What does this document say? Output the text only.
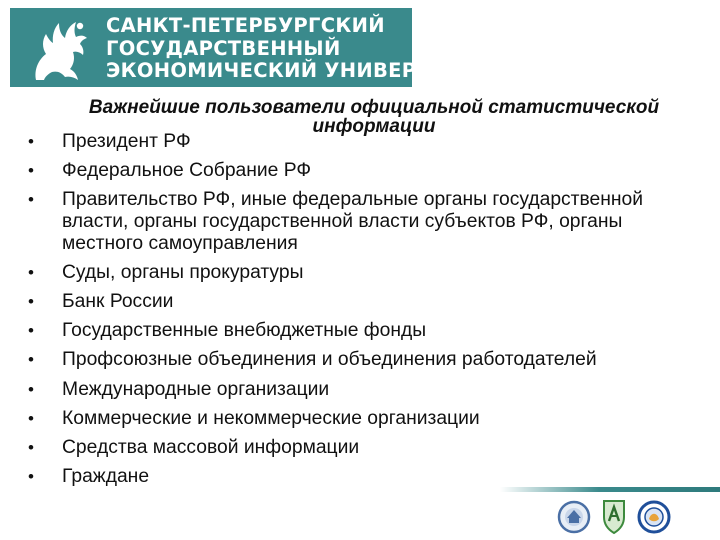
САНКТ-ПЕТЕРБУРГСКИЙ
ГОСУДАРСТВЕННЫЙ
ЭКОНОМИЧЕСКИЙ УНИВЕРСИТЕТ
Важнейшие пользователи официальной статистической информации
• Президент РФ
• Федеральное Собрание РФ
• Правительство РФ, иные федеральные органы государственной власти, органы государственной власти субъектов РФ, органы местного самоуправления
• Суды, органы прокуратуры
• Банк России
• Государственные внебюджетные фонды
• Профсоюзные объединения и объединения работодателей
• Международные организации
• Коммерческие и некоммерческие организации
• Средства массовой информации
• Граждане
